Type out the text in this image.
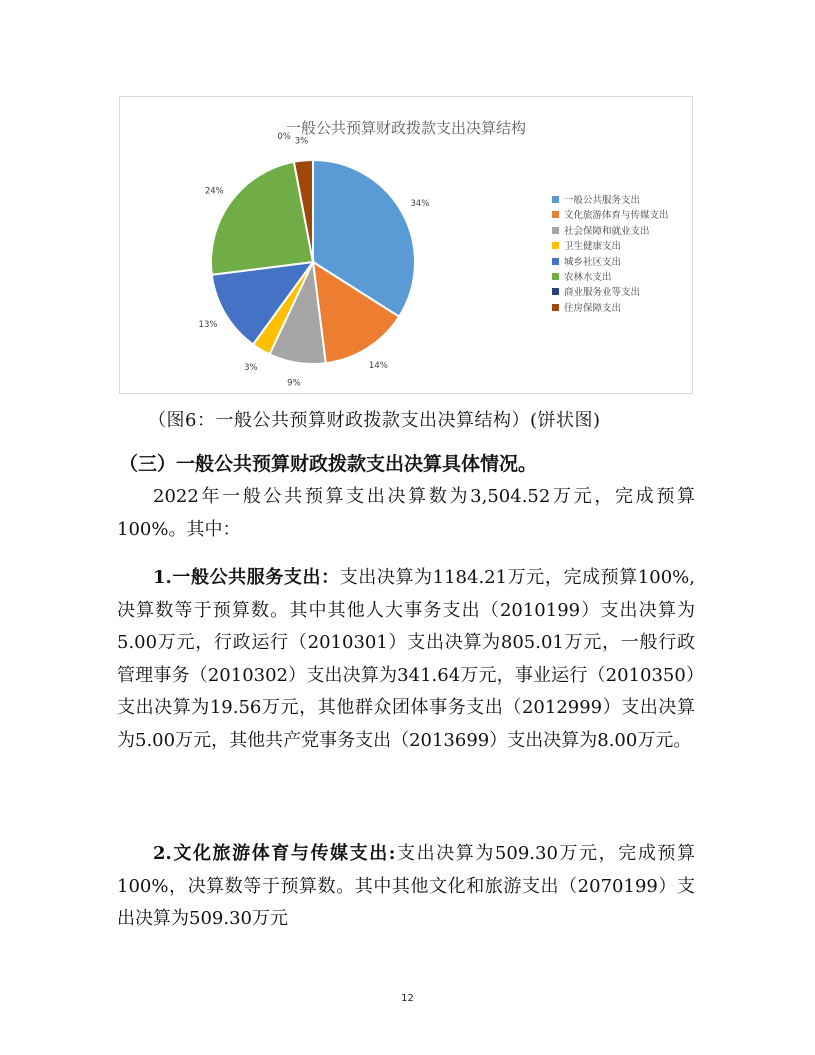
一般公共预算财政拨款支出决算结构
34%
14%
9%
3%
13%
24%
0% 3%
一般公共服务支出
文化旅游体育与传媒支出
社会保障和就业支出
卫生健康支出
城乡社区支出
农林水支出
商业服务业等支出
住房保障支出
（图6：一般公共预算财政拨款支出决算结构）(饼状图)
（三）一般公共预算财政拨款支出决算具体情况。

2022年一般公共预算支出决算数为3,504.52万元，完成预算100%。其中：

1.一般公共服务支出：支出决算为1184.21万元，完成预算100%,决算数等于预算数。其中其他人大事务支出（2010199）支出决算为5.00万元，行政运行（2010301）支出决算为805.01万元，一般行政管理事务（2010302）支出决算为341.64万元，事业运行（2010350）支出决算为19.56万元，其他群众团体事务支出（2012999）支出决算为5.00万元，其他共产党事务支出（2013699）支出决算为8.00万元。

2.文化旅游体育与传媒支出:支出决算为509.30万元，完成预算100%，决算数等于预算数。其中其他文化和旅游支出（2070199）支出决算为509.30万元

12
